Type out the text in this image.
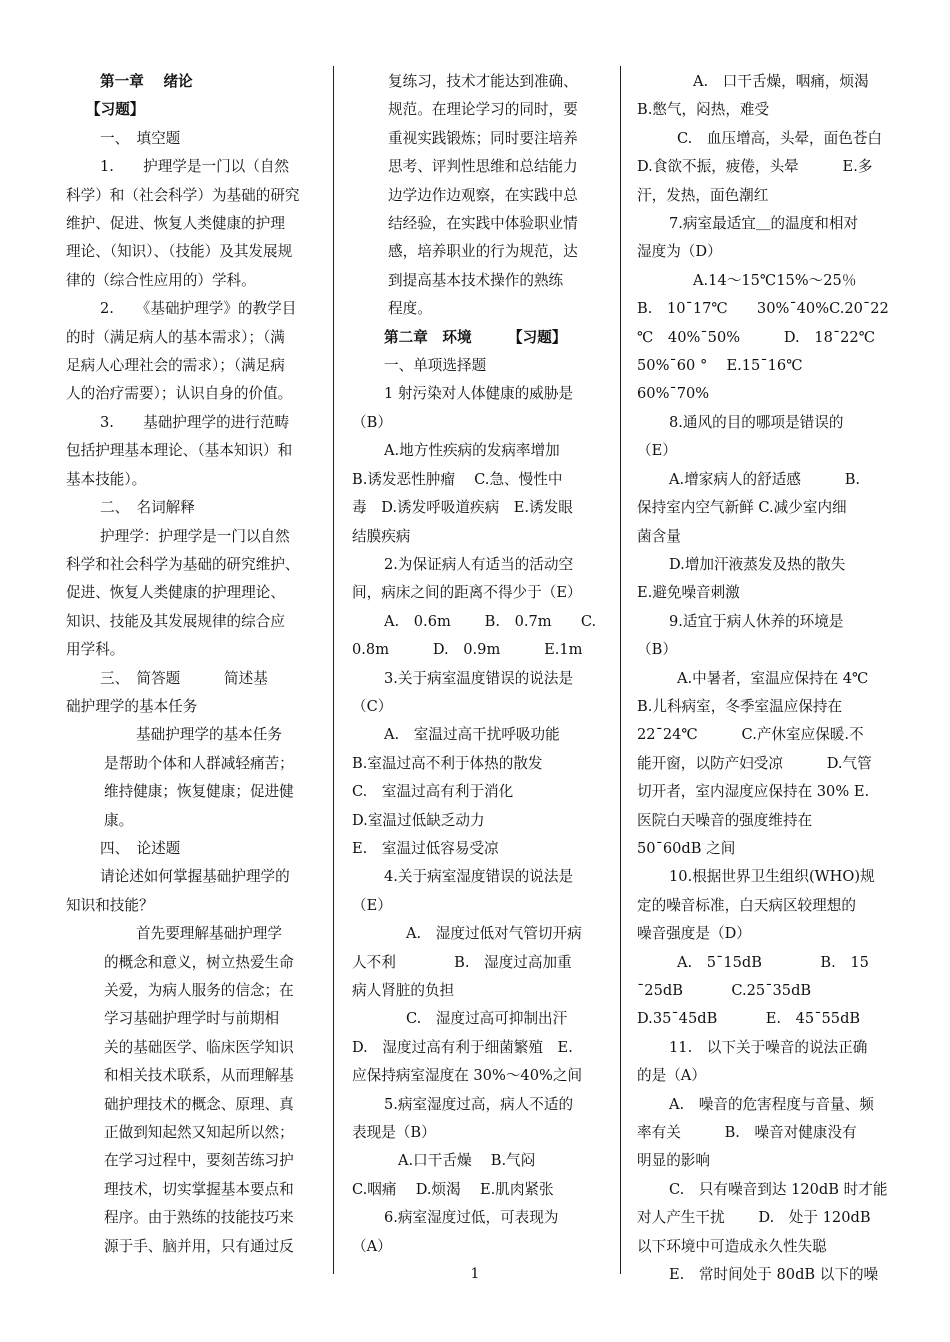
第一章　 绪论

【习题】

一、　填空题

1.　　护理学是一门以（自然

科学）和（社会科学）为基础的研究

维护、促进、恢复人类健康的护理

理论、（知识）、（技能）及其发展规

律的（综合性应用的）学科。

2.　　《基础护理学》的教学目

的时（满足病人的基本需求）；（满

足病人心理社会的需求）；（满足病

人的治疗需要）；认识自身的价值。

3.　　基础护理学的进行范畴

包括护理基本理论、（基本知识）和

基本技能）。

二、　名词解释

护理学：护理学是一门以自然

科学和社会科学为基础的研究维护、

促进、恢复人类健康的护理理论、

知识、技能及其发展规律的综合应

用学科。

三、　简答题　　　简述基

础护理学的基本任务

基础护理学的基本任务

是帮助个体和人群减轻痛苦；

维持健康；恢复健康；促进健

康。

四、　论述题

请论述如何掌握基础护理学的

知识和技能？

首先要理解基础护理学

的概念和意义，树立热爱生命

关爱，为病人服务的信念；在

学习基础护理学时与前期相

关的基础医学、临床医学知识

和相关技术联系，从而理解基

础护理技术的概念、原理、真

正做到知起然又知起所以然；

在学习过程中，要刻苦练习护

理技术，切实掌握基本要点和

程序。由于熟练的技能技巧来

源于手、脑并用，只有通过反

复练习，技术才能达到准确、

规范。在理论学习的同时，要

重视实践锻炼；同时要注培养

思考、评判性思维和总结能力

边学边作边观察，在实践中总

结经验，在实践中体验职业情

感，培养职业的行为规范，达

到提高基本技术操作的熟练

程度。

第二章　环境　　　【习题】

一、单项选择题

1 射污染对人体健康的威胁是

（B）

A.地方性疾病的发病率增加

B.诱发恶性肿瘤　 C.急、慢性中

毒　D.诱发呼吸道疾病　E.诱发眼

结膜疾病

2.为保证病人有适当的活动空

间，病床之间的距离不得少于（E）

A.　0.6m　　 B.　0.7m　　C.

0.8m　　　D.　0.9m　　　E.1m

3.关于病室温度错误的说法是

（C）

A.　室温过高干扰呼吸功能

B.室温过高不利于体热的散发

C.　室温过高有利于消化

D.室温过低缺乏动力

E.　室温过低容易受凉

4.关于病室湿度错误的说法是

（E）

A.　湿度过低对气管切开病

人不利　　　　B.　湿度过高加重

病人肾脏的负担

C.　湿度过高可抑制出汗

D.　湿度过高有利于细菌繁殖　E.

应保持病室湿度在 30%～40%之间

5.病室湿度过高，病人不适的

表现是（B）

A.口干舌燥　 B.气闷

C.咽痛　 D.烦渴　 E.肌肉紧张

6.病室湿度过低，可表现为

（A）

A.　口干舌燥，咽痛，烦渴

B.憋气，闷热，难受

C.　血压增高，头晕，面色苍白

D.食欲不振，疲倦，头晕　　　E.多

汗，发热，面色潮红

7.病室最适宜＿的温度和相对

湿度为（D）

A.14～15℃15%～25％

B.　10¯17℃　　30%¯40%C.20¯22

℃　40%¯50%　　　D.　18¯22℃

50%¯60 °　 E.15¯16℃　60%¯70%

8.通风的目的哪项是错误的

（E）

A.增家病人的舒适感　　　B.

保持室内空气新鲜 C.减少室内细

菌含量

D.增加汗液蒸发及热的散失

E.避免噪音刺激

9.适宜于病人休养的环境是

（B）

A.中暑者，室温应保持在 4℃

B.儿科病室，冬季室温应保持在

22¯24℃　　　C.产休室应保暖.不

能开窗，以防产妇受凉　　　D.气管

切开者，室内湿度应保持在 30% E.

医院白天噪音的强度维持在

50¯60dB 之间

10.根据世界卫生组织(WHO)规

定的噪音标准，白天病区较理想的

噪音强度是（D）

A.　5¯15dB　　　　B.　15

¯25dB　　　 C.25¯35dB

D.35¯45dB　　　 E.　45¯55dB

11.　以下关于噪音的说法正确

的是（A）

A.　噪音的危害程度与音量、频

率有关　　　B.　噪音对健康没有

明显的影响

C.　只有噪音到达 120dB 时才能

对人产生干扰　　 D.　处于 120dB

以下环境中可造成永久性失聪

E.　常时间处于 80dB 以下的噪

1
